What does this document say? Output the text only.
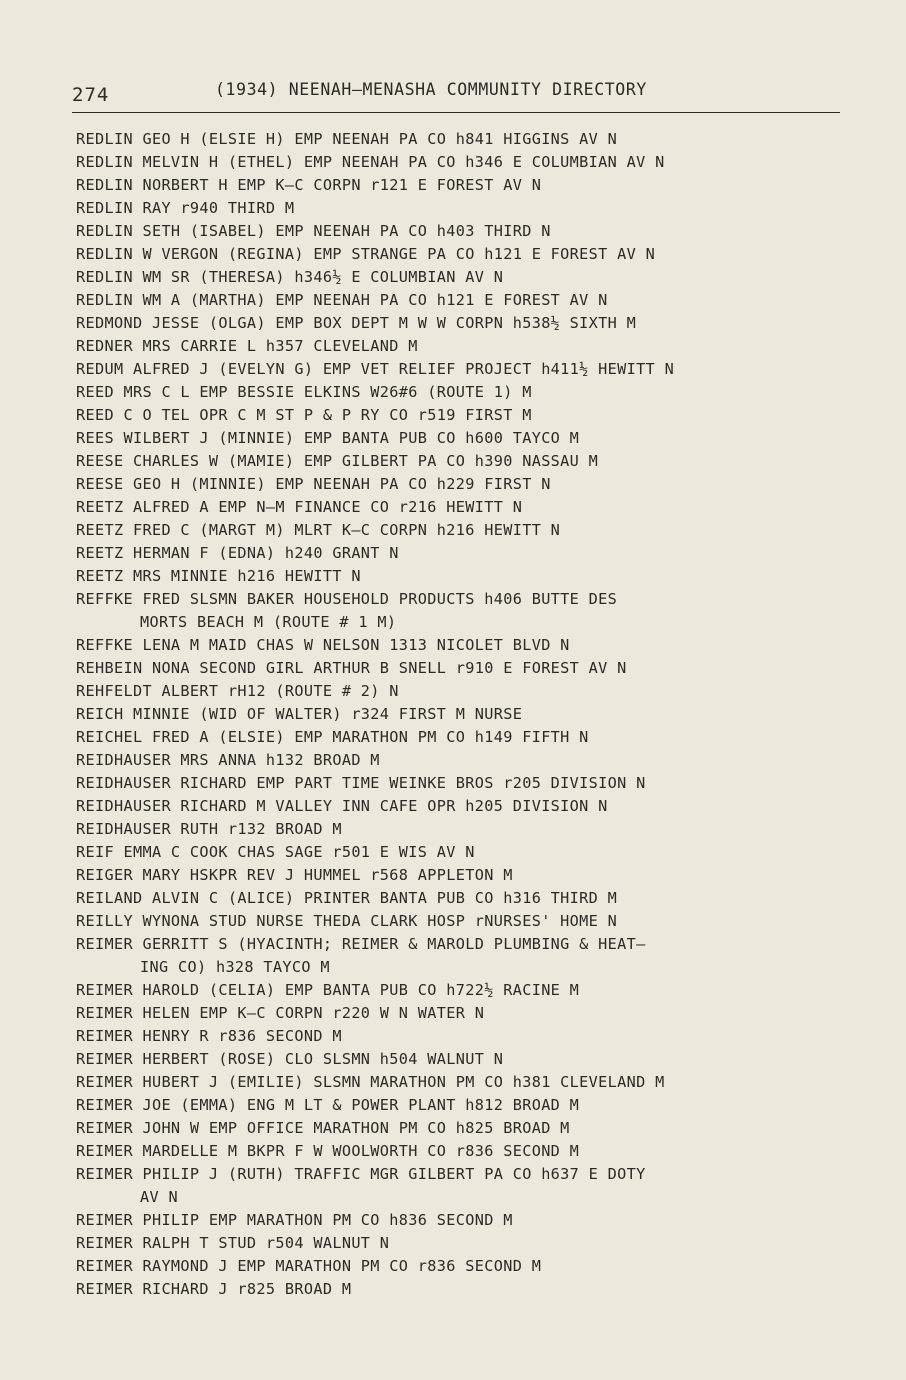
274	(1934) NEENAH–MENASHA COMMUNITY DIRECTORY
REDLIN GEO H (ELSIE H) EMP NEENAH PA CO h841 HIGGINS AV N
REDLIN MELVIN H (ETHEL) EMP NEENAH PA CO h346 E COLUMBIAN AV N
REDLIN NORBERT H EMP K–C CORPN r121 E FOREST AV N
REDLIN RAY r940 THIRD M
REDLIN SETH (ISABEL) EMP NEENAH PA CO h403 THIRD N
REDLIN W VERGON (REGINA) EMP STRANGE PA CO h121 E FOREST AV N
REDLIN WM SR (THERESA) h346½ E COLUMBIAN AV N
REDLIN WM A (MARTHA) EMP NEENAH PA CO h121 E FOREST AV N
REDMOND JESSE (OLGA) EMP BOX DEPT M W W CORPN h538½ SIXTH M
REDNER MRS CARRIE L h357 CLEVELAND M
REDUM ALFRED J (EVELYN G) EMP VET RELIEF PROJECT h411½ HEWITT N
REED MRS C L EMP BESSIE ELKINS W26#6 (ROUTE 1) M
REED C O TEL OPR C M ST P & P RY CO r519 FIRST M
REES WILBERT J (MINNIE) EMP BANTA PUB CO h600 TAYCO M
REESE CHARLES W (MAMIE) EMP GILBERT PA CO h390 NASSAU M
REESE GEO H (MINNIE) EMP NEENAH PA CO h229 FIRST N
REETZ ALFRED A EMP N–M FINANCE CO r216 HEWITT N
REETZ FRED C (MARGT M) MLRT K–C CORPN h216 HEWITT N
REETZ HERMAN F (EDNA) h240 GRANT N
REETZ MRS MINNIE h216 HEWITT N
REFFKE FRED SLSMN BAKER HOUSEHOLD PRODUCTS h406 BUTTE DES
MORTS BEACH M (ROUTE # 1 M)
REFFKE LENA M MAID CHAS W NELSON 1313 NICOLET BLVD N
REHBEIN NONA SECOND GIRL ARTHUR B SNELL r910 E FOREST AV N
REHFELDT ALBERT rH12 (ROUTE # 2) N
REICH MINNIE (WID OF WALTER) r324 FIRST M NURSE
REICHEL FRED A (ELSIE) EMP MARATHON PM CO h149 FIFTH N
REIDHAUSER MRS ANNA h132 BROAD M
REIDHAUSER RICHARD EMP PART TIME WEINKE BROS r205 DIVISION N
REIDHAUSER RICHARD M VALLEY INN CAFE OPR h205 DIVISION N
REIDHAUSER RUTH r132 BROAD M
REIF EMMA C COOK CHAS SAGE r501 E WIS AV N
REIGER MARY HSKPR REV J HUMMEL r568 APPLETON M
REILAND ALVIN C (ALICE) PRINTER BANTA PUB CO h316 THIRD M
REILLY WYNONA STUD NURSE THEDA CLARK HOSP rNURSES' HOME N
REIMER GERRITT S (HYACINTH; REIMER & MAROLD PLUMBING & HEAT–
ING CO) h328 TAYCO M
REIMER HAROLD (CELIA) EMP BANTA PUB CO h722½ RACINE M
REIMER HELEN EMP K–C CORPN r220 W N WATER N
REIMER HENRY R r836 SECOND M
REIMER HERBERT (ROSE) CLO SLSMN h504 WALNUT N
REIMER HUBERT J (EMILIE) SLSMN MARATHON PM CO h381 CLEVELAND M
REIMER JOE (EMMA) ENG M LT & POWER PLANT h812 BROAD M
REIMER JOHN W EMP OFFICE MARATHON PM CO h825 BROAD M
REIMER MARDELLE M BKPR F W WOOLWORTH CO r836 SECOND M
REIMER PHILIP J (RUTH) TRAFFIC MGR GILBERT PA CO h637 E DOTY
AV N
REIMER PHILIP EMP MARATHON PM CO h836 SECOND M
REIMER RALPH T STUD r504 WALNUT N
REIMER RAYMOND J EMP MARATHON PM CO r836 SECOND M
REIMER RICHARD J r825 BROAD M
